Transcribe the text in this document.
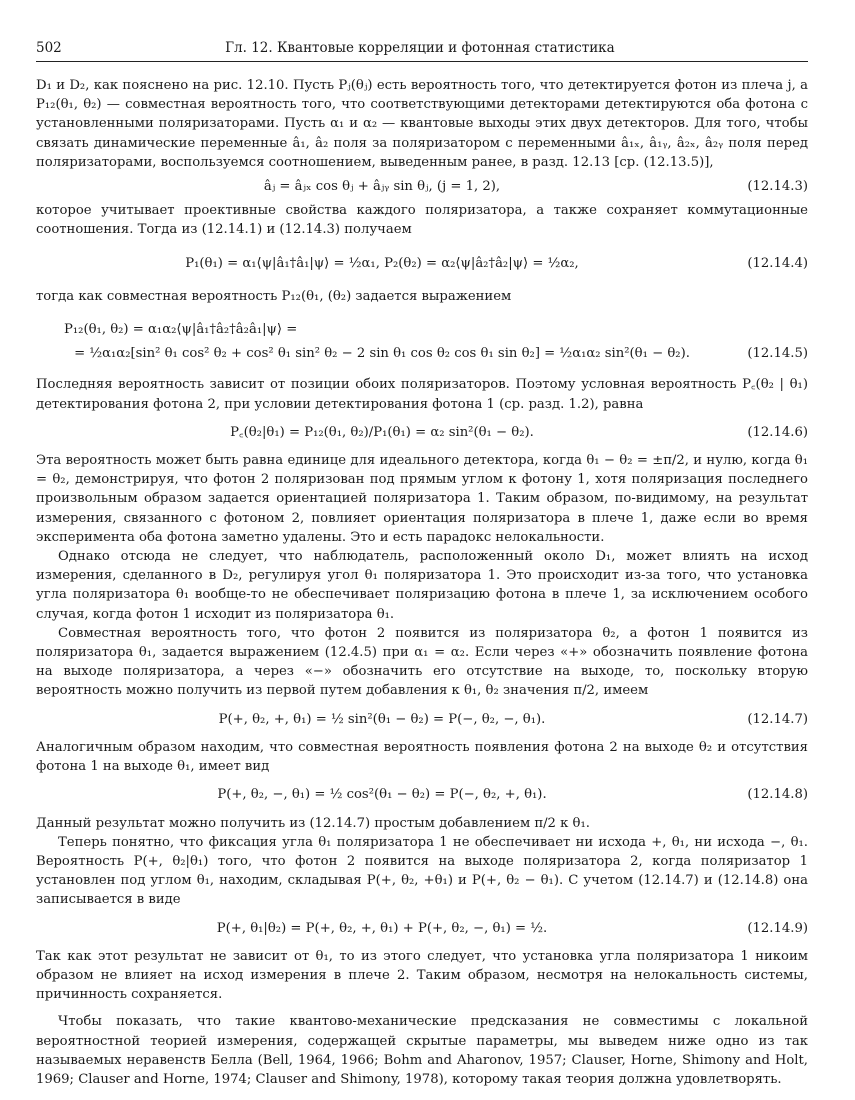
502	Гл. 12. Квантовые корреляции и фотонная статистика

D₁ и D₂, как пояснено на рис. 12.10. Пусть Pⱼ(θⱼ) есть вероятность того, что детектируется фотон из плеча j, а P₁₂(θ₁, θ₂) — совместная вероятность того, что соответствующими детекторами детектируются оба фотона с установленными поляризаторами. Пусть α₁ и α₂ — квантовые выходы этих двух детекторов. Для того, чтобы связать динамические переменные â₁, â₂ поля за поляризатором с переменными â₁ₓ, â₁ᵧ, â₂ₓ, â₂ᵧ поля перед поляризаторами, воспользуемся соотношением, выведенным ранее, в разд. 12.13 [ср. (12.13.5)],

âⱼ = âⱼₓ cos θⱼ + âⱼᵧ sin θⱼ, (j = 1, 2),	(12.14.3)

которое учитывает проективные свойства каждого поляризатора, а также сохраняет коммутационные соотношения. Тогда из (12.14.1) и (12.14.3) получаем

P₁(θ₁) = α₁⟨ψ|â₁†â₁|ψ⟩ = ½α₁, P₂(θ₂) = α₂⟨ψ|â₂†â₂|ψ⟩ = ½α₂,	(12.14.4)

тогда как совместная вероятность P₁₂(θ₁, (θ₂) задается выражением

P₁₂(θ₁, θ₂) = α₁α₂⟨ψ|â₁†â₂†â₂â₁|ψ⟩ =
= ½α₁α₂[sin² θ₁ cos² θ₂ + cos² θ₁ sin² θ₂ − 2 sin θ₁ cos θ₂ cos θ₁ sin θ₂] = ½α₁α₂ sin²(θ₁ − θ₂).	(12.14.5)

Последняя вероятность зависит от позиции обоих поляризаторов. Поэтому условная вероятность P꜀(θ₂ | θ₁) детектирования фотона 2, при условии детектирования фотона 1 (ср. разд. 1.2), равна

P꜀(θ₂|θ₁) = P₁₂(θ₁, θ₂)/P₁(θ₁) = α₂ sin²(θ₁ − θ₂).	(12.14.6)

Эта вероятность может быть равна единице для идеального детектора, когда θ₁ − θ₂ = ±π/2, и нулю, когда θ₁ = θ₂, демонстрируя, что фотон 2 поляризован под прямым углом к фотону 1, хотя поляризация последнего произвольным образом задается ориентацией поляризатора 1. Таким образом, по-видимому, на результат измерения, связанного с фотоном 2, повлияет ориентация поляризатора в плече 1, даже если во время эксперимента оба фотона заметно удалены. Это и есть парадокс нелокальности.

Однако отсюда не следует, что наблюдатель, расположенный около D₁, может влиять на исход измерения, сделанного в D₂, регулируя угол θ₁ поляризатора 1. Это происходит из-за того, что установка угла поляризатора θ₁ вообще-то не обеспечивает поляризацию фотона в плече 1, за исключением особого случая, когда фотон 1 исходит из поляризатора θ₁.

Совместная вероятность того, что фотон 2 появится из поляризатора θ₂, а фотон 1 появится из поляризатора θ₁, задается выражением (12.4.5) при α₁ = α₂. Если через «+» обозначить появление фотона на выходе поляризатора, а через «−» обозначить его отсутствие на выходе, то, поскольку вторую вероятность можно получить из первой путем добавления к θ₁, θ₂ значения π/2, имеем

P(+, θ₂, +, θ₁) = ½ sin²(θ₁ − θ₂) = P(−, θ₂, −, θ₁).	(12.14.7)

Аналогичным образом находим, что совместная вероятность появления фотона 2 на выходе θ₂ и отсутствия фотона 1 на выходе θ₁, имеет вид

P(+, θ₂, −, θ₁) = ½ cos²(θ₁ − θ₂) = P(−, θ₂, +, θ₁).	(12.14.8)

Данный результат можно получить из (12.14.7) простым добавлением π/2 к θ₁.

Теперь понятно, что фиксация угла θ₁ поляризатора 1 не обеспечивает ни исхода +, θ₁, ни исхода −, θ₁. Вероятность P(+, θ₂|θ₁) того, что фотон 2 появится на выходе поляризатора 2, когда поляризатор 1 установлен под углом θ₁, находим, складывая P(+, θ₂, +θ₁) и P(+, θ₂ − θ₁). С учетом (12.14.7) и (12.14.8) она записывается в виде

P(+, θ₁|θ₂) = P(+, θ₂, +, θ₁) + P(+, θ₂, −, θ₁) = ½.	(12.14.9)

Так как этот результат не зависит от θ₁, то из этого следует, что установка угла поляризатора 1 никоим образом не влияет на исход измерения в плече 2. Таким образом, несмотря на нелокальность системы, причинность сохраняется.

Чтобы показать, что такие квантово-механические предсказания не совместимы с локальной вероятностной теорией измерения, содержащей скрытые параметры, мы выведем ниже одно из так называемых неравенств Белла (Bell, 1964, 1966; Bohm and Aharonov, 1957; Clauser, Horne, Shimony and Holt, 1969; Clauser and Horne, 1974; Clauser and Shimony, 1978), которому такая теория должна удовлетворять.
